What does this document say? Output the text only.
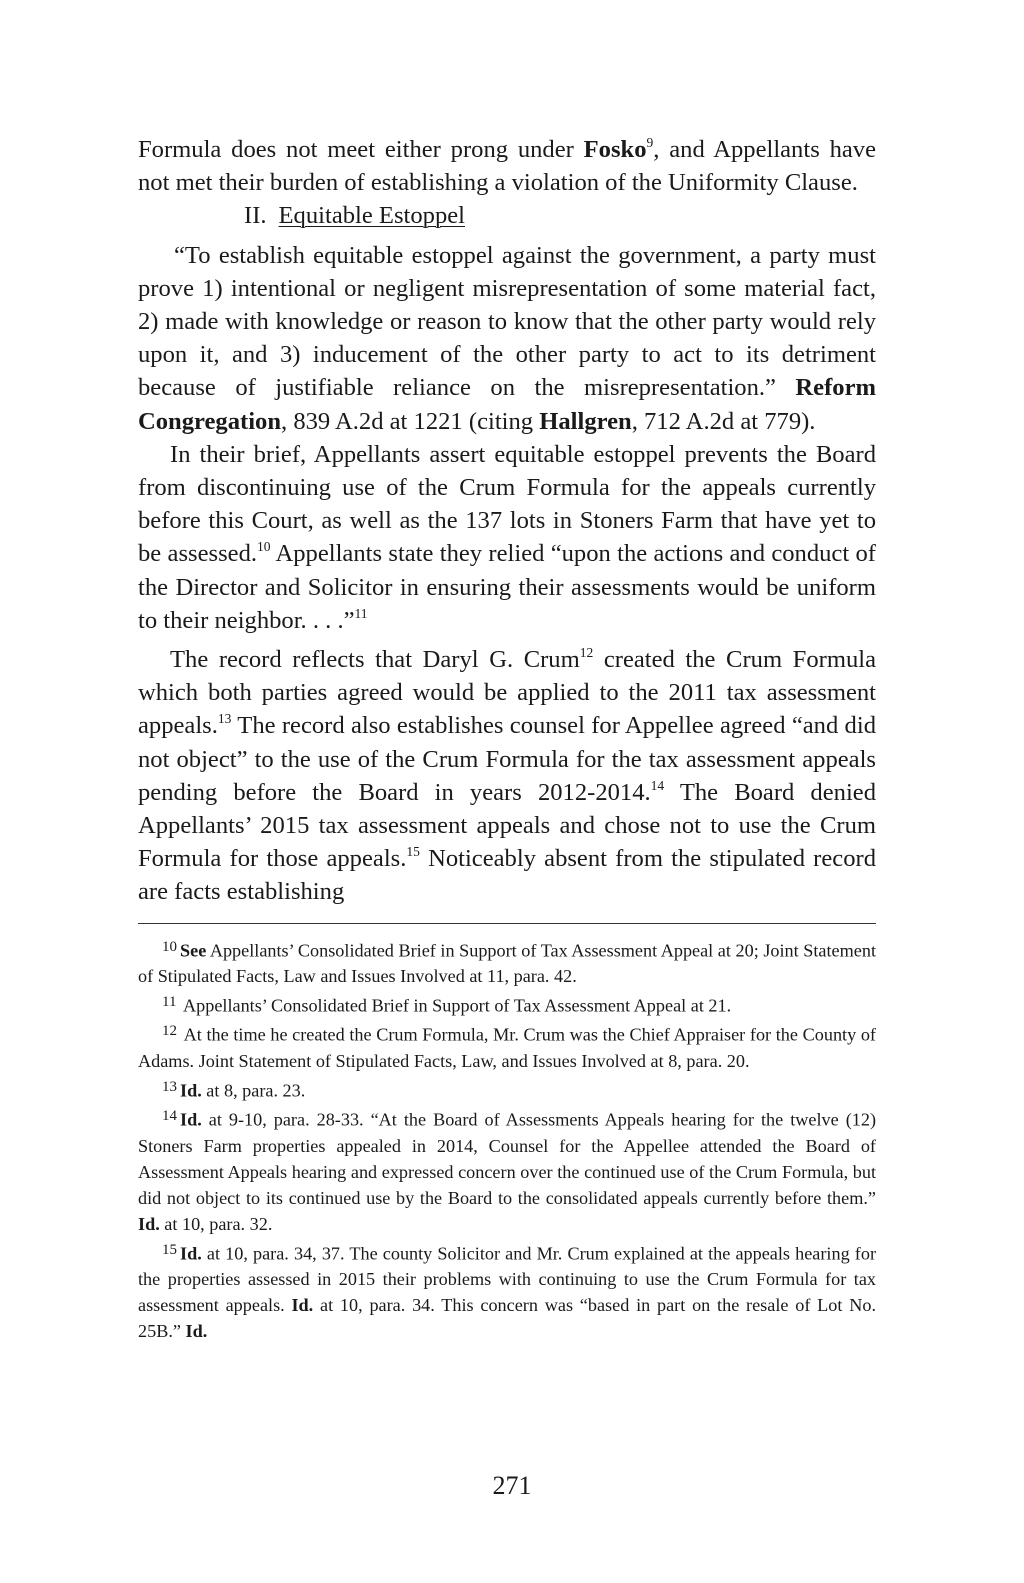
Formula does not meet either prong under Fosko$^9$, and Appellants have not met their burden of establishing a violation of the Uniformity Clause.

II. Equitable Estoppel

“To establish equitable estoppel against the government, a party must prove 1) intentional or negligent misrepresentation of some material fact, 2) made with knowledge or reason to know that the other party would rely upon it, and 3) inducement of the other party to act to its detriment because of justifiable reliance on the misrepresentation.” Reform Congregation, 839 A.2d at 1221 (citing Hallgren, 712 A.2d at 779).

In their brief, Appellants assert equitable estoppel prevents the Board from discontinuing use of the Crum Formula for the appeals currently before this Court, as well as the 137 lots in Stoners Farm that have yet to be assessed.$^{10}$ Appellants state they relied “upon the actions and conduct of the Director and Solicitor in ensuring their assessments would be uniform to their neighbor. . . .”$^{11}$

The record reflects that Daryl G. Crum$^{12}$ created the Crum Formula which both parties agreed would be applied to the 2011 tax assessment appeals.$^{13}$ The record also establishes counsel for Appellee agreed “and did not object” to the use of the Crum Formula for the tax assessment appeals pending before the Board in years 2012-2014.14 The Board denied Appellants’ 2015 tax assessment appeals and chose not to use the Crum Formula for those appeals.$^{15}$ Noticeably absent from the stipulated record are facts establishing

$^{10}$ See Appellants’ Consolidated Brief in Support of Tax Assessment Appeal at 20; Joint Statement of Stipulated Facts, Law and Issues Involved at 11, para. 42.

$^{11}$ Appellants’ Consolidated Brief in Support of Tax Assessment Appeal at 21.

$^{12}$ At the time he created the Crum Formula, Mr. Crum was the Chief Appraiser for the County of Adams. Joint Statement of Stipulated Facts, Law, and Issues Involved at 8, para. 20.

$^{13}$ Id. at 8, para. 23.

$^{14}$ Id. at 9-10, para. 28-33. “At the Board of Assessments Appeals hearing for the twelve (12) Stoners Farm properties appealed in 2014, Counsel for the Appellee attended the Board of Assessment Appeals hearing and expressed concern over the continued use of the Crum Formula, but did not object to its continued use by the Board to the consolidated appeals currently before them.” Id. at 10, para. 32.

$^{15}$ Id. at 10, para. 34, 37. The county Solicitor and Mr. Crum explained at the appeals hearing for the properties assessed in 2015 their problems with continuing to use the Crum Formula for tax assessment appeals. Id. at 10, para. 34. This concern was “based in part on the resale of Lot No. 25B.” Id.

271
